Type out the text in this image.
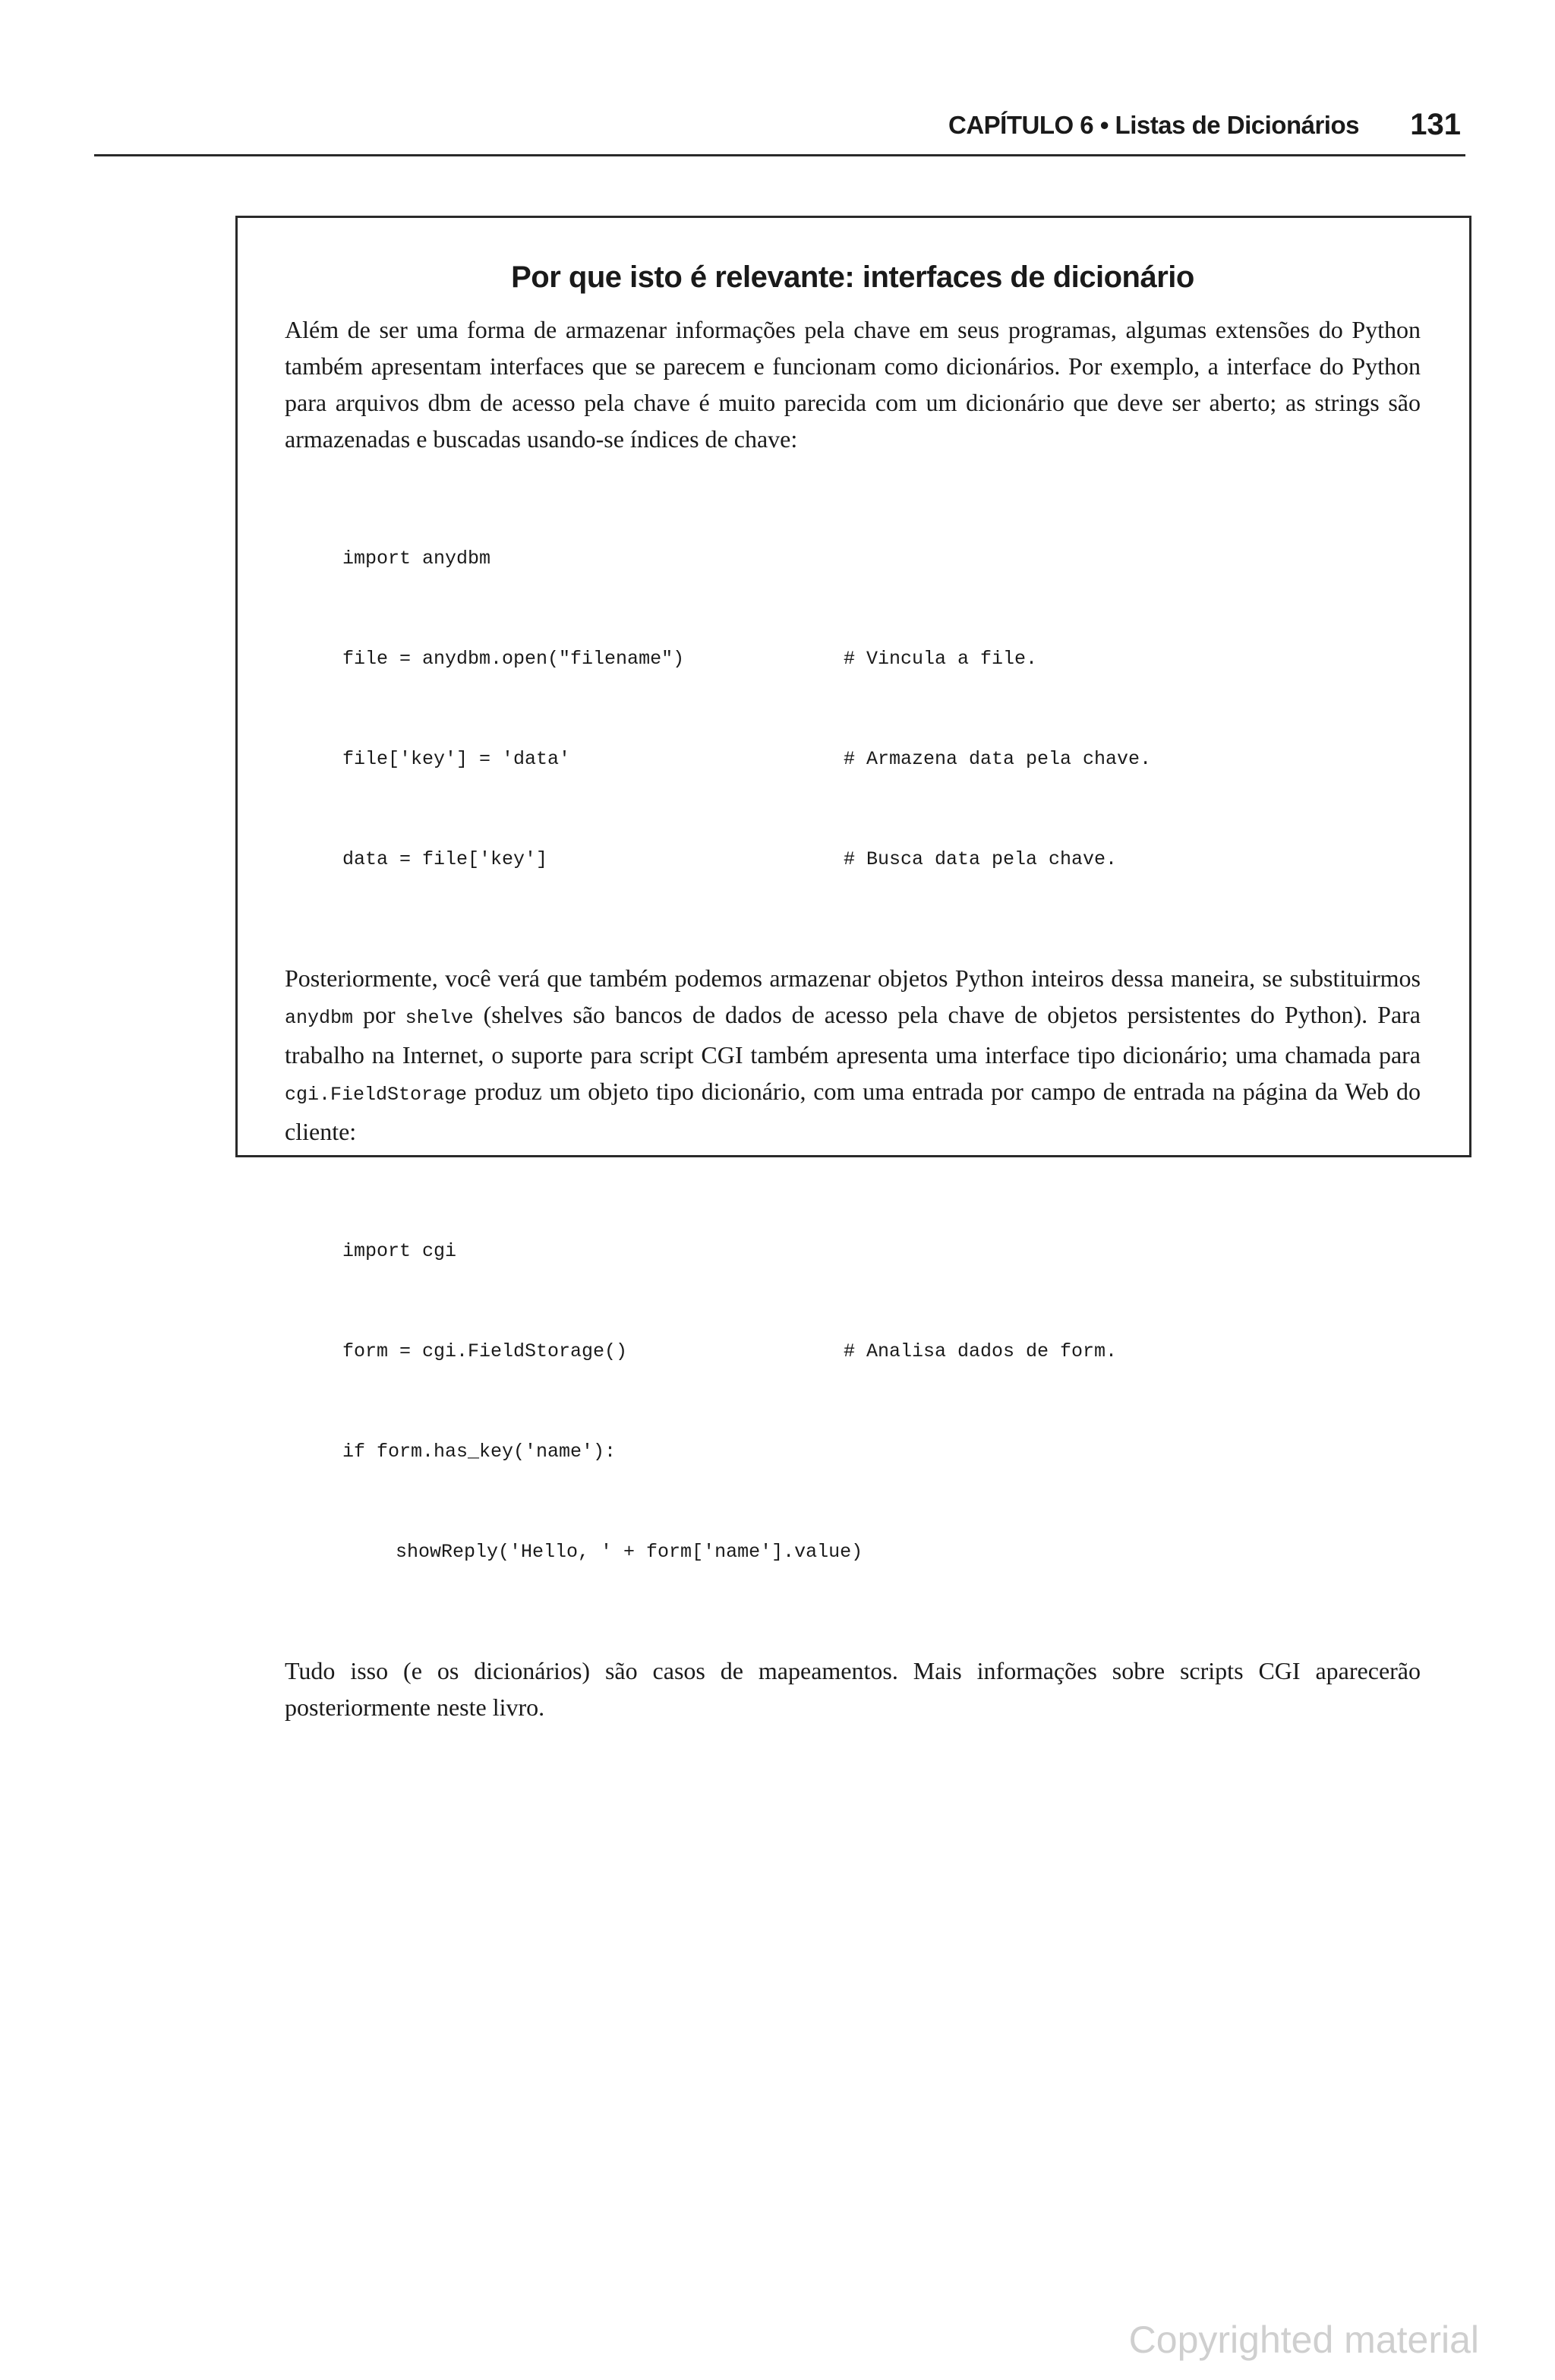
CAPÍTULO 6 • Listas de Dicionários 131
Por que isto é relevante: interfaces de dicionário

Além de ser uma forma de armazenar informações pela chave em seus programas, algumas extensões do Python também apresentam interfaces que se parecem e funcionam como dicionários. Por exemplo, a interface do Python para arquivos dbm de acesso pela chave é muito parecida com um dicionário que deve ser aberto; as strings são armazenadas e buscadas usando-se índices de chave:

import anydbm

file = anydbm.open("filename")	# Vincula a file.

file['key'] = 'data'	# Armazena data pela chave.

data = file['key']	# Busca data pela chave.

Posteriormente, você verá que também podemos armazenar objetos Python inteiros dessa maneira, se substituirmos anydbm por shelve (shelves são bancos de dados de acesso pela chave de objetos persistentes do Python). Para trabalho na Internet, o suporte para script CGI também apresenta uma interface tipo dicionário; uma chamada para cgi.FieldStorage produz um objeto tipo dicionário, com uma entrada por campo de entrada na página da Web do cliente:

import cgi

form = cgi.FieldStorage()	# Analisa dados de form.

if form.has_key('name'):

showReply('Hello, ' + form['name'].value)

Tudo isso (e os dicionários) são casos de mapeamentos. Mais informações sobre scripts CGI aparecerão posteriormente neste livro.

Copyrighted material
